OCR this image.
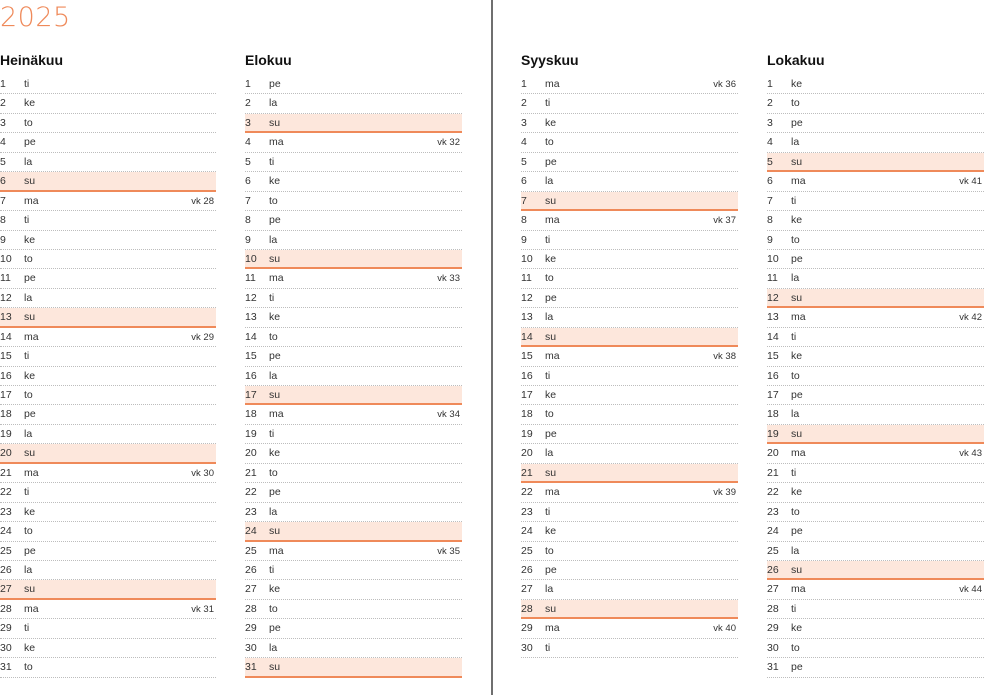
2025
Heinäkuu
1	ti
2	ke
3	to
4	pe
5	la
6	su
7	ma	vk 28
8	ti
9	ke
10	to
11	pe
12	la
13	su
14	ma	vk 29
15	ti
16	ke
17	to
18	pe
19	la
20	su
21	ma	vk 30
22	ti
23	ke
24	to
25	pe
26	la
27	su
28	ma	vk 31
29	ti
30	ke
31	to
Elokuu
1	pe
2	la
3	su
4	ma	vk 32
5	ti
6	ke
7	to
8	pe
9	la
10	su
11	ma	vk 33
12	ti
13	ke
14	to
15	pe
16	la
17	su
18	ma	vk 34
19	ti
20	ke
21	to
22	pe
23	la
24	su
25	ma	vk 35
26	ti
27	ke
28	to
29	pe
30	la
31	su
Syyskuu
1	ma	vk 36
2	ti
3	ke
4	to
5	pe
6	la
7	su
8	ma	vk 37
9	ti
10	ke
11	to
12	pe
13	la
14	su
15	ma	vk 38
16	ti
17	ke
18	to
19	pe
20	la
21	su
22	ma	vk 39
23	ti
24	ke
25	to
26	pe
27	la
28	su
29	ma	vk 40
30	ti
Lokakuu
1	ke
2	to
3	pe
4	la
5	su
6	ma	vk 41
7	ti
8	ke
9	to
10	pe
11	la
12	su
13	ma	vk 42
14	ti
15	ke
16	to
17	pe
18	la
19	su
20	ma	vk 43
21	ti
22	ke
23	to
24	pe
25	la
26	su
27	ma	vk 44
28	ti
29	ke
30	to
31	pe
